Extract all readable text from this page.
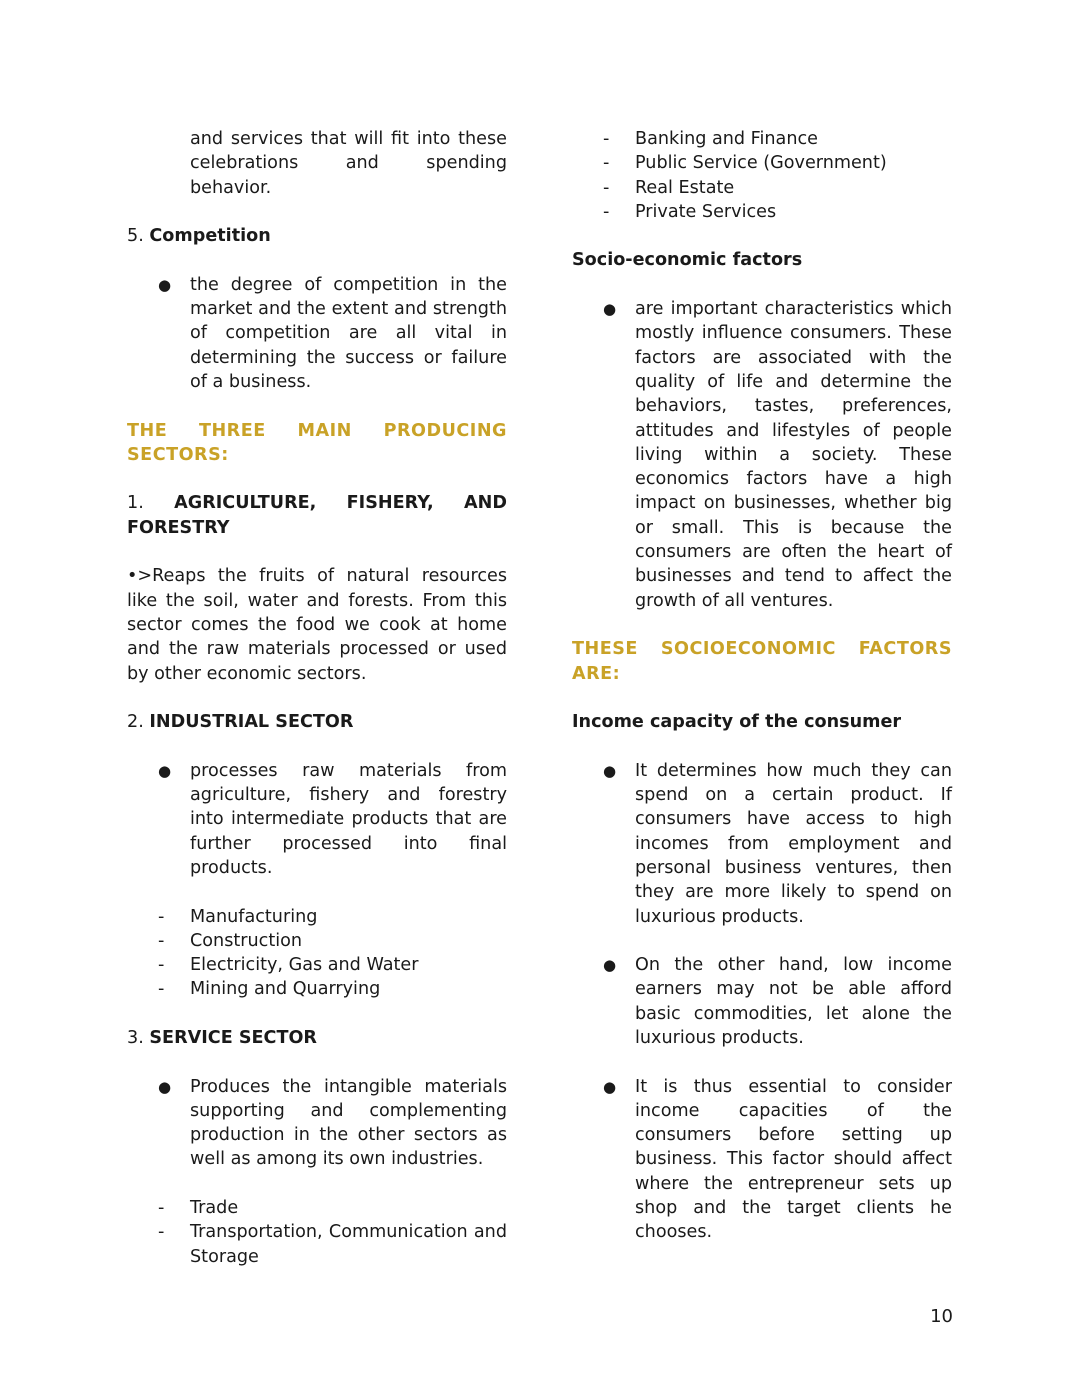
and services that will fit into these celebrations and spending behavior.

5. Competition

● the degree of competition in the market and the extent and strength of competition are all vital in determining the success or failure of a business.

THE THREE MAIN PRODUCING SECTORS:

1. AGRICULTURE, FISHERY, AND FORESTRY

•>Reaps the fruits of natural resources like the soil, water and forests. From this sector comes the food we cook at home and the raw materials processed or used by other economic sectors.

2. INDUSTRIAL SECTOR

● processes raw materials from agriculture, fishery and forestry into intermediate products that are further processed into final products.
- Manufacturing
- Construction
- Electricity, Gas and Water
- Mining and Quarrying

3. SERVICE SECTOR

● Produces the intangible materials supporting and complementing production in the other sectors as well as among its own industries.
- Trade
- Transportation, Communication and Storage
- Banking and Finance
- Public Service (Government)
- Real Estate
- Private Services

Socio-economic factors

● are important characteristics which mostly influence consumers. These factors are associated with the quality of life and determine the behaviors, tastes, preferences, attitudes and lifestyles of people living within a society. These economics factors have a high impact on businesses, whether big or small. This is because the consumers are often the heart of businesses and tend to affect the growth of all ventures.

THESE SOCIOECONOMIC FACTORS ARE:

Income capacity of the consumer

● It determines how much they can spend on a certain product. If consumers have access to high incomes from employment and personal business ventures, then they are more likely to spend on luxurious products.
● On the other hand, low income earners may not be able afford basic commodities, let alone the luxurious products.
● It is thus essential to consider income capacities of the consumers before setting up business. This factor should affect where the entrepreneur sets up shop and the target clients he chooses.
10
